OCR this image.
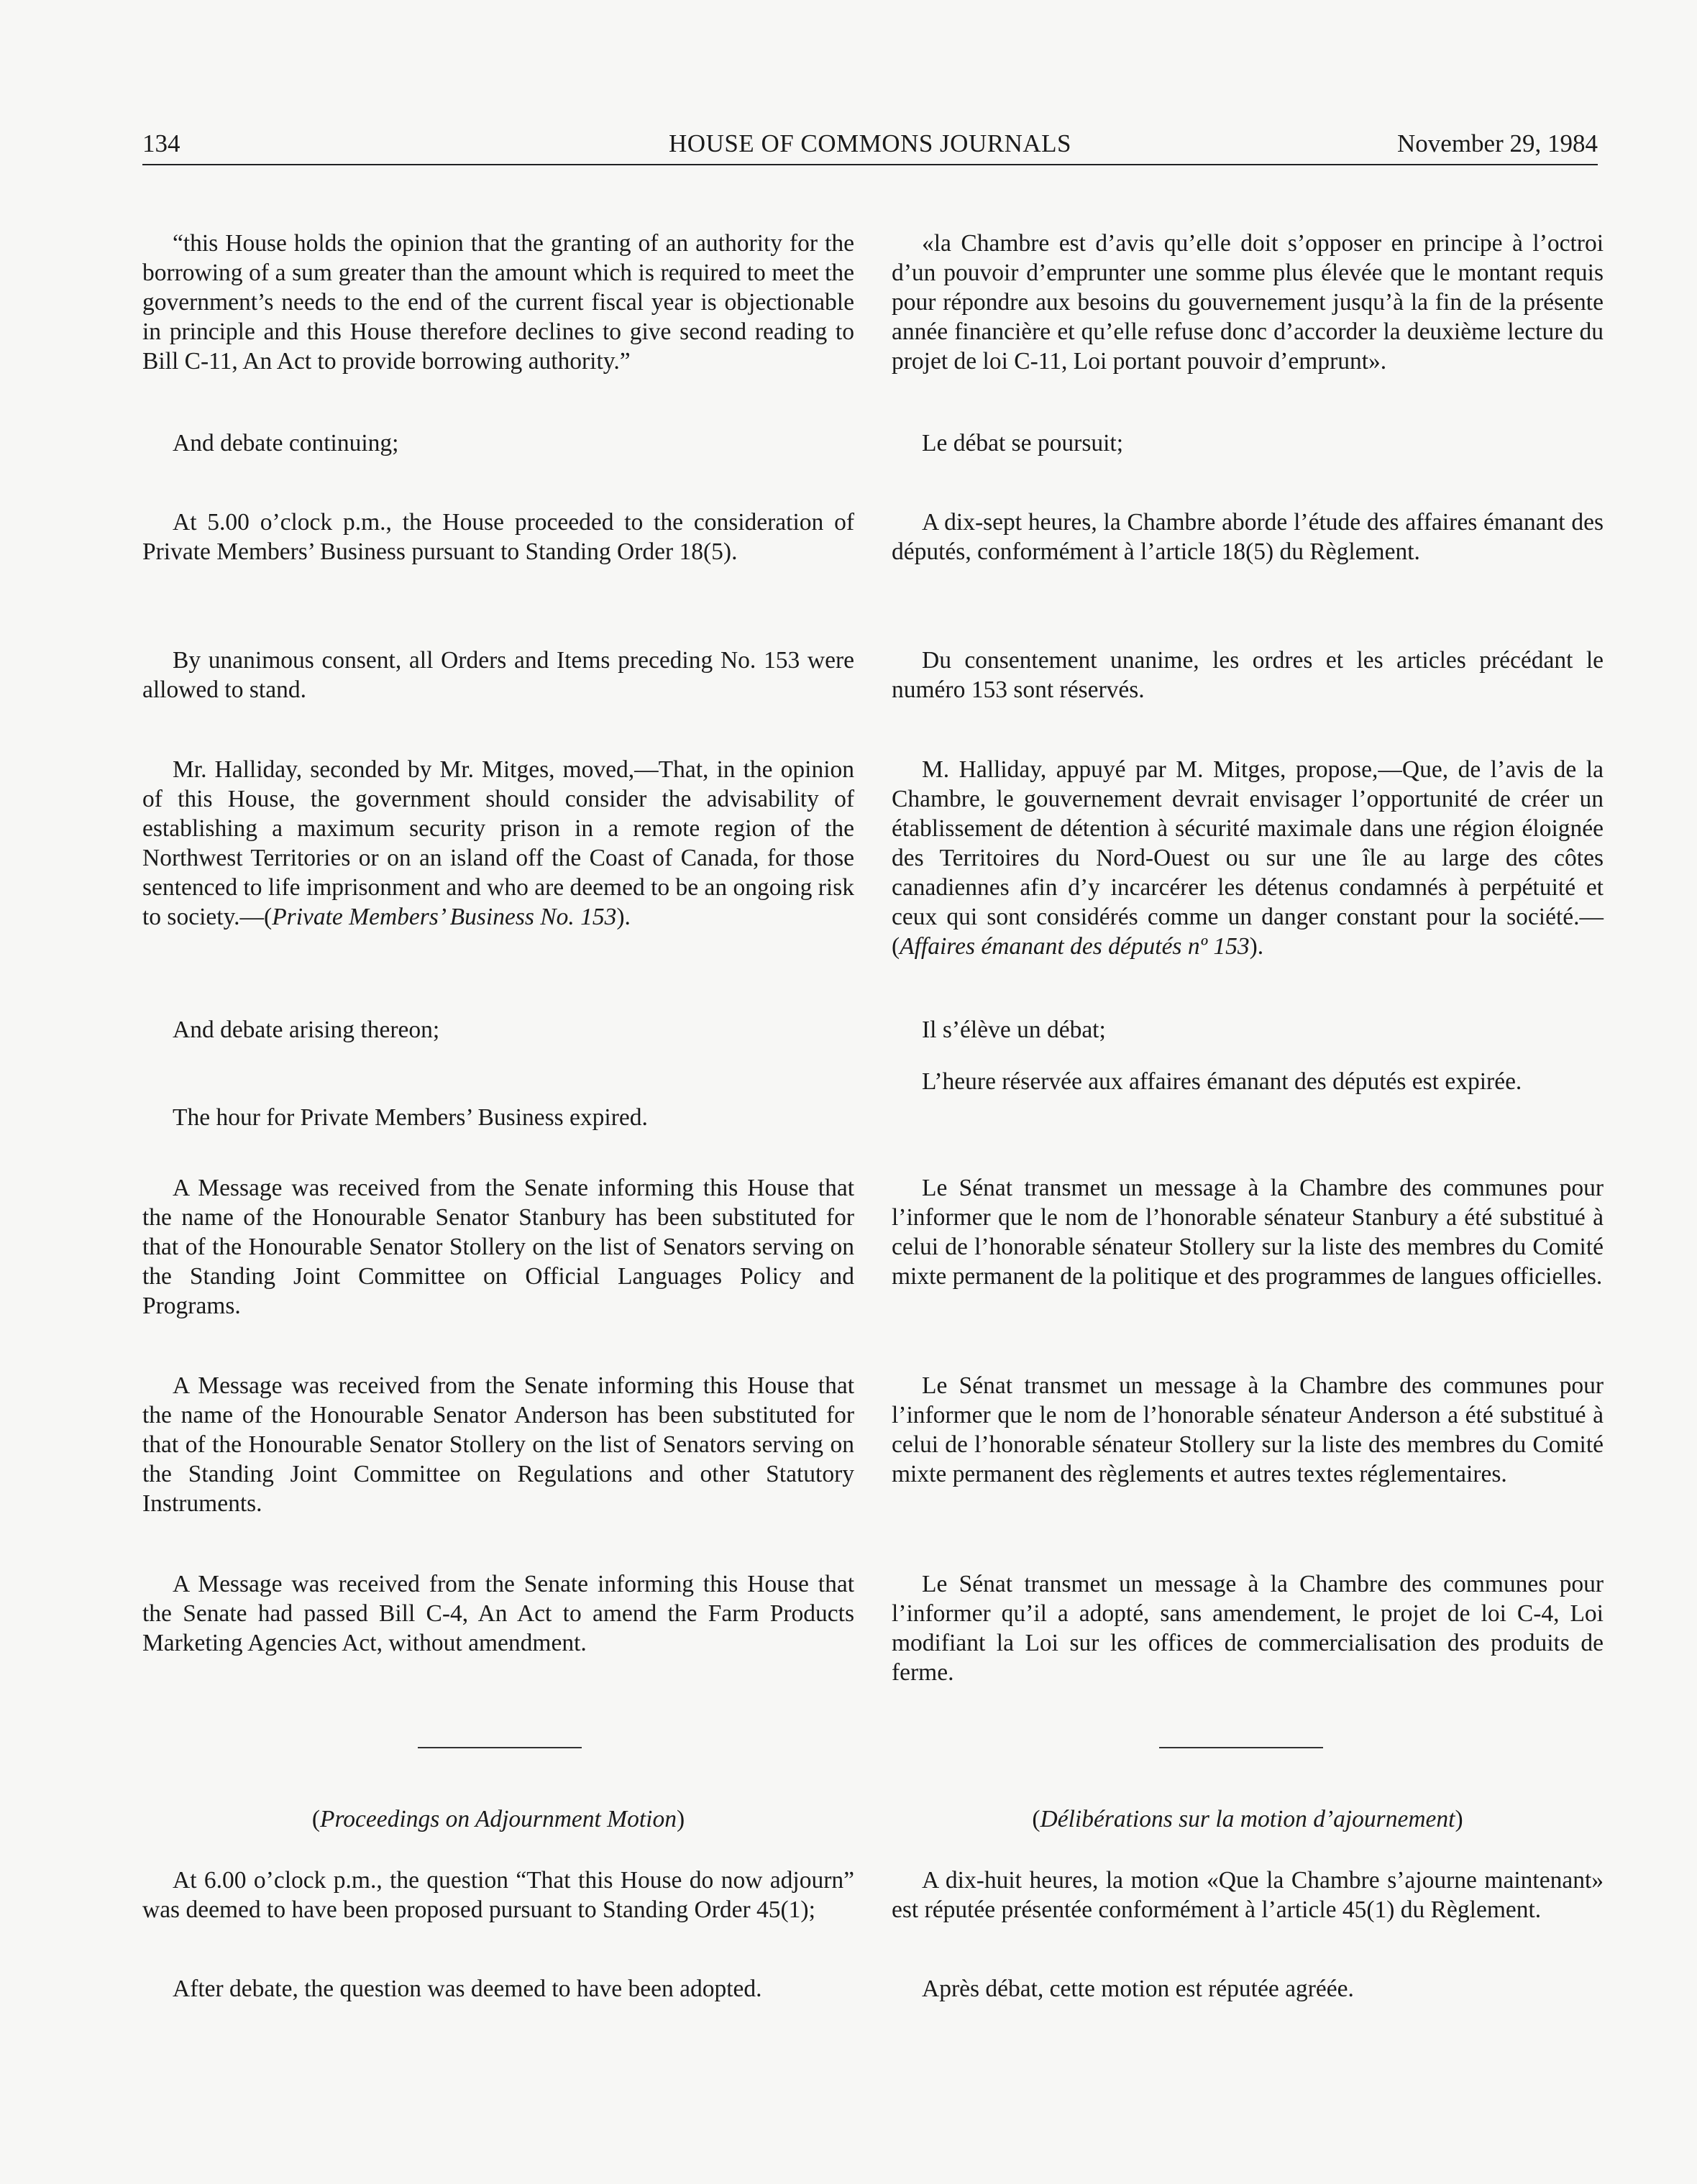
134	HOUSE OF COMMONS JOURNALS	November 29, 1984

“this House holds the opinion that the granting of an authority for the borrowing of a sum greater than the amount which is required to meet the government’s needs to the end of the current fiscal year is objectionable in principle and this House therefore declines to give second reading to Bill C-11, An Act to provide borrowing authority.”

And debate continuing;

At 5.00 o’clock p.m., the House proceeded to the consideration of Private Members’ Business pursuant to Standing Order 18(5).

By unanimous consent, all Orders and Items preceding No. 153 were allowed to stand.

Mr. Halliday, seconded by Mr. Mitges, moved,—That, in the opinion of this House, the government should consider the advisability of establishing a maximum security prison in a remote region of the Northwest Territories or on an island off the Coast of Canada, for those sentenced to life imprisonment and who are deemed to be an ongoing risk to society.—(Private Members’ Business No. 153).

And debate arising thereon;

The hour for Private Members’ Business expired.

A Message was received from the Senate informing this House that the name of the Honourable Senator Stanbury has been substituted for that of the Honourable Senator Stollery on the list of Senators serving on the Standing Joint Committee on Official Languages Policy and Programs.

A Message was received from the Senate informing this House that the name of the Honourable Senator Anderson has been substituted for that of the Honourable Senator Stollery on the list of Senators serving on the Standing Joint Committee on Regulations and other Statutory Instruments.

A Message was received from the Senate informing this House that the Senate had passed Bill C-4, An Act to amend the Farm Products Marketing Agencies Act, without amendment.

(Proceedings on Adjournment Motion)

At 6.00 o’clock p.m., the question “That this House do now adjourn” was deemed to have been proposed pursuant to Standing Order 45(1);

After debate, the question was deemed to have been adopted.

«la Chambre est d’avis qu’elle doit s’opposer en principe à l’octroi d’un pouvoir d’emprunter une somme plus élevée que le montant requis pour répondre aux besoins du gouvernement jusqu’à la fin de la présente année financière et qu’elle refuse donc d’accorder la deuxième lecture du projet de loi C-11, Loi portant pouvoir d’emprunt».

Le débat se poursuit;

A dix-sept heures, la Chambre aborde l’étude des affaires émanant des députés, conformément à l’article 18(5) du Règlement.

Du consentement unanime, les ordres et les articles précédant le numéro 153 sont réservés.

M. Halliday, appuyé par M. Mitges, propose,—Que, de l’avis de la Chambre, le gouvernement devrait envisager l’opportunité de créer un établissement de détention à sécurité maximale dans une région éloignée des Territoires du Nord-Ouest ou sur une île au large des côtes canadiennes afin d’y incarcérer les détenus condamnés à perpétuité et ceux qui sont considérés comme un danger constant pour la société.—(Affaires émanant des députés nº 153).

Il s’élève un débat;

L’heure réservée aux affaires émanant des députés est expirée.

Le Sénat transmet un message à la Chambre des communes pour l’informer que le nom de l’honorable sénateur Stanbury a été substitué à celui de l’honorable sénateur Stollery sur la liste des membres du Comité mixte permanent de la politique et des programmes de langues officielles.

Le Sénat transmet un message à la Chambre des communes pour l’informer que le nom de l’honorable sénateur Anderson a été substitué à celui de l’honorable sénateur Stollery sur la liste des membres du Comité mixte permanent des règlements et autres textes réglementaires.

Le Sénat transmet un message à la Chambre des communes pour l’informer qu’il a adopté, sans amendement, le projet de loi C-4, Loi modifiant la Loi sur les offices de commercialisation des produits de ferme.

(Délibérations sur la motion d’ajournement)

A dix-huit heures, la motion «Que la Chambre s’ajourne maintenant» est réputée présentée conformément à l’article 45(1) du Règlement.

Après débat, cette motion est réputée agréée.
